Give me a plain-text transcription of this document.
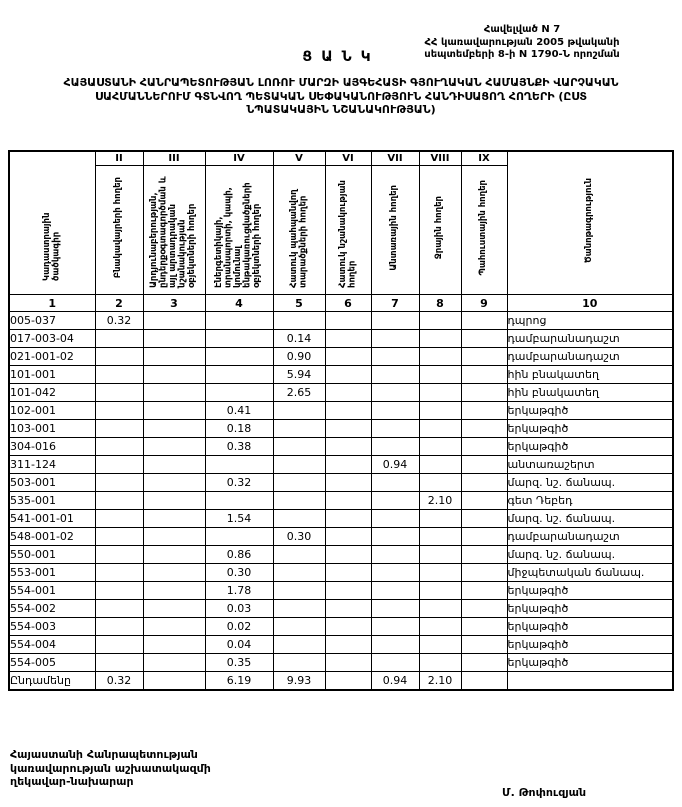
Հավելված N 7
ՀՀ կառավարության 2005 թվականի
սեպտեմբերի 8-ի N 1790-Ն որոշման
ՑԱՆԿ
ՀԱՅԱՍՏԱՆԻ ՀԱՆՐԱՊԵՏՈՒԹՅԱՆ ԼՈՌՈՒ ՄԱՐԶԻ ԱՅԳԵՀԱՏԻ ԳՅՈՒՂԱԿԱՆ ՀԱՄԱՅՆՔԻ ՎԱՐՉԱԿԱՆ
ՍԱՀՄԱՆՆԵՐՈՒՄ ԳՏՆՎՈՂ ՊԵՏԱԿԱՆ ՍԵՓԱԿԱՆՈՒԹՅՈՒՆ ՀԱՆԴԻՍԱՑՈՂ ՀՈՂԵՐԻ (ԸՍՏ
ՆՊԱՏԱԿԱՅԻՆ ՆՇԱՆԱԿՈՒԹՅԱՆ)
Կադաստրային ծածկագիր	II	III	IV	V	VI	VII	VIII	IX	Ծանոթագրություն
	Բնակավայրերի հողեր	Արդյունաբերության, ընդերքօգտագործման և այլ արտադրական նշանակության օբյեկտների հողեր	Էներգետիկայի, տրանսպորտի, կապի, կոմունալ ենթակառուցվածքների օբյեկտների հողեր	Հատուկ պահպանվող տարածքների հողեր	Հատուկ նշանակության հողեր	Անտառային հողեր	Ջրային հողեր	Պահուստային հողեր	
1	2	3	4	5	6	7	8	9	10
005-037	0.32								դպրոց
017-003-04				0.14					դամբարանադաշտ
021-001-02				0.90					դամբարանադաշտ
101-001				5.94					հին բնակատեղ
101-042				2.65					հին բնակատեղ
102-001			0.41						երկաթգիծ
103-001			0.18						երկաթգիծ
304-016			0.38						երկաթգիծ
311-124						0.94			անտառաշերտ
503-001			0.32						մարզ. նշ. ճանապ.
535-001							2.10		գետ Դեբեդ
541-001-01			1.54						մարզ. նշ. ճանապ.
548-001-02				0.30					դամբարանադաշտ
550-001			0.86						մարզ. նշ. ճանապ.
553-001			0.30						միջպետական ճանապ.
554-001			1.78						երկաթգիծ
554-002			0.03						երկաթգիծ
554-003			0.02						երկաթգիծ
554-004			0.04						երկաթգիծ
554-005			0.35						երկաթգիծ
Ընդամենը	0.32		6.19	9.93		0.94	2.10		
Հայաստանի Հանրապետության
կառավարության աշխատակազմի
ղեկավար-նախարար
Մ. Թոփուզյան
